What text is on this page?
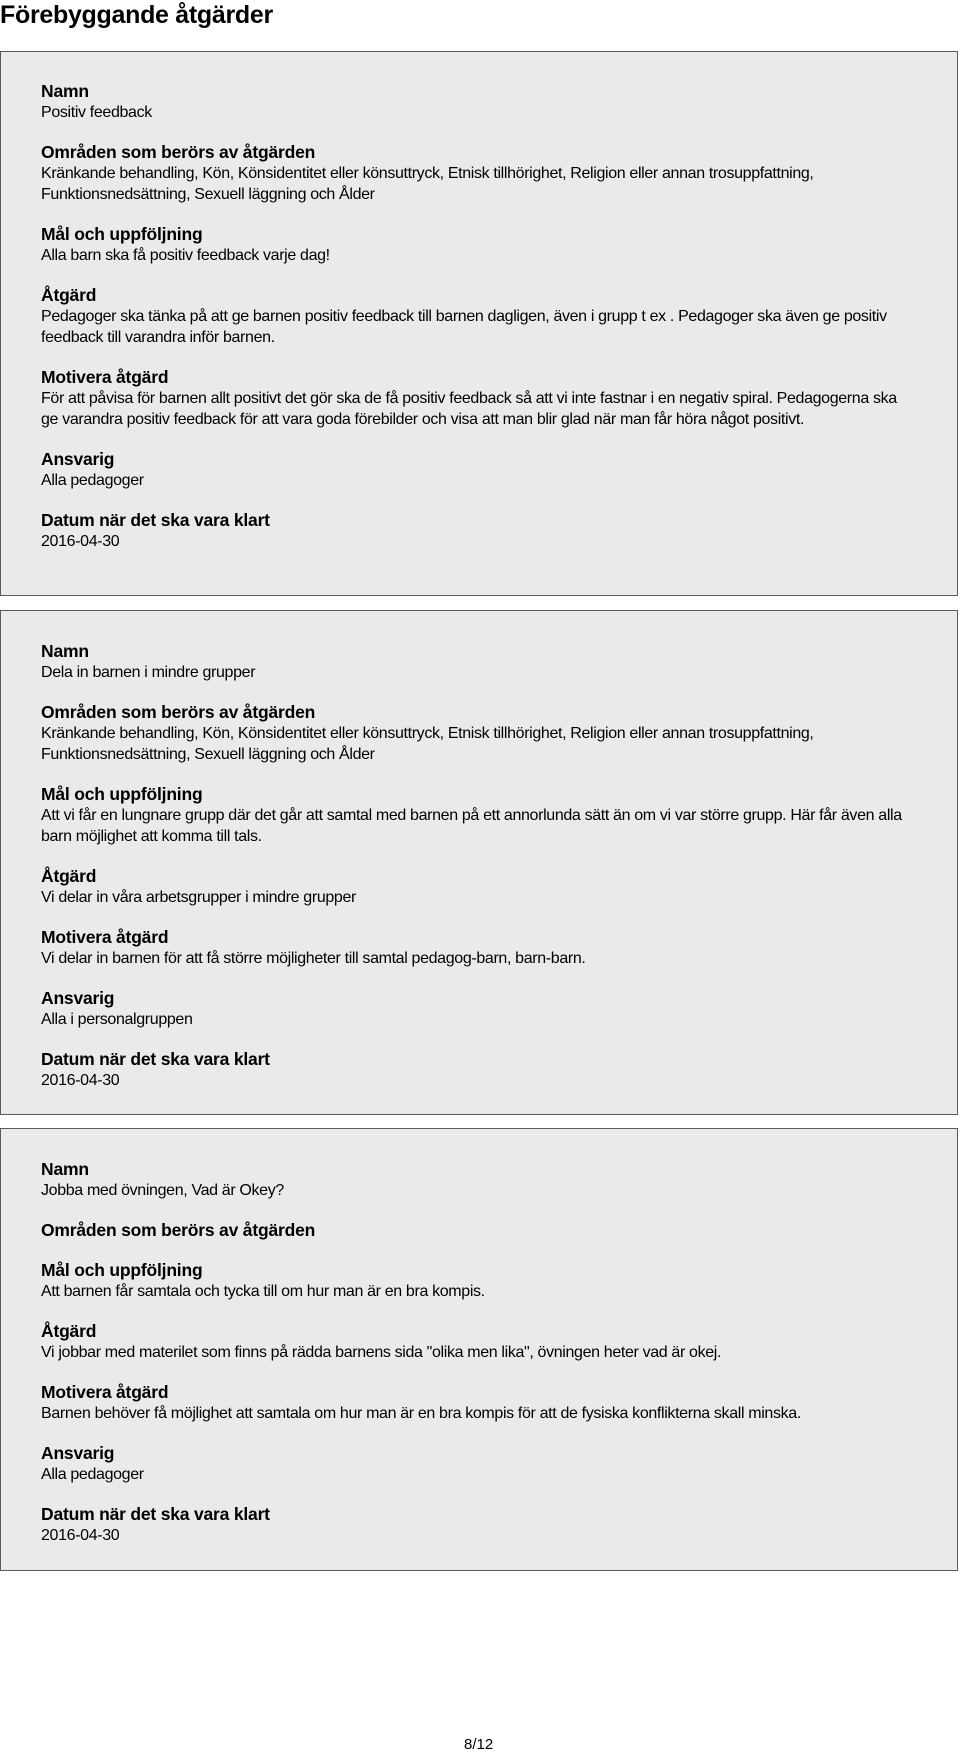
Förebyggande åtgärder

Namn

Positiv feedback

Områden som berörs av åtgärden

Kränkande behandling, Kön, Könsidentitet eller könsuttryck, Etnisk tillhörighet, Religion eller annan trosuppfattning, Funktionsnedsättning, Sexuell läggning och Ålder

Mål och uppföljning

Alla barn ska få positiv feedback varje dag!

Åtgärd

Pedagoger ska tänka på att ge barnen positiv feedback till barnen dagligen, även i grupp t ex . Pedagoger ska även ge positiv feedback till varandra inför barnen.

Motivera åtgärd

För att påvisa för barnen allt positivt det gör ska de få positiv feedback så att vi inte fastnar i en negativ spiral. Pedagogerna ska ge varandra positiv feedback för att vara goda förebilder och visa att man blir glad när man får höra något positivt.

Ansvarig

Alla pedagoger

Datum när det ska vara klart

2016-04-30

Namn

Dela in barnen i mindre grupper

Områden som berörs av åtgärden

Kränkande behandling, Kön, Könsidentitet eller könsuttryck, Etnisk tillhörighet, Religion eller annan trosuppfattning, Funktionsnedsättning, Sexuell läggning och Ålder

Mål och uppföljning

Att vi får en lungnare grupp där det går att samtal med barnen på ett annorlunda sätt än om vi var större grupp. Här får även alla barn möjlighet att komma till tals.

Åtgärd

Vi delar in våra arbetsgrupper i mindre grupper

Motivera åtgärd

Vi delar in barnen för att få större möjligheter till samtal pedagog-barn, barn-barn.

Ansvarig

Alla i personalgruppen

Datum när det ska vara klart

2016-04-30

Namn

Jobba med övningen, Vad är Okey?

Områden som berörs av åtgärden

Mål och uppföljning

Att barnen får samtala och tycka till om hur man är en bra kompis.

Åtgärd

Vi jobbar med materilet som finns på rädda barnens sida "olika men lika", övningen heter vad är okej.

Motivera åtgärd

Barnen behöver få möjlighet att samtala om hur man är en bra kompis för att de fysiska konflikterna skall minska.

Ansvarig

Alla pedagoger

Datum när det ska vara klart

2016-04-30

8/12
